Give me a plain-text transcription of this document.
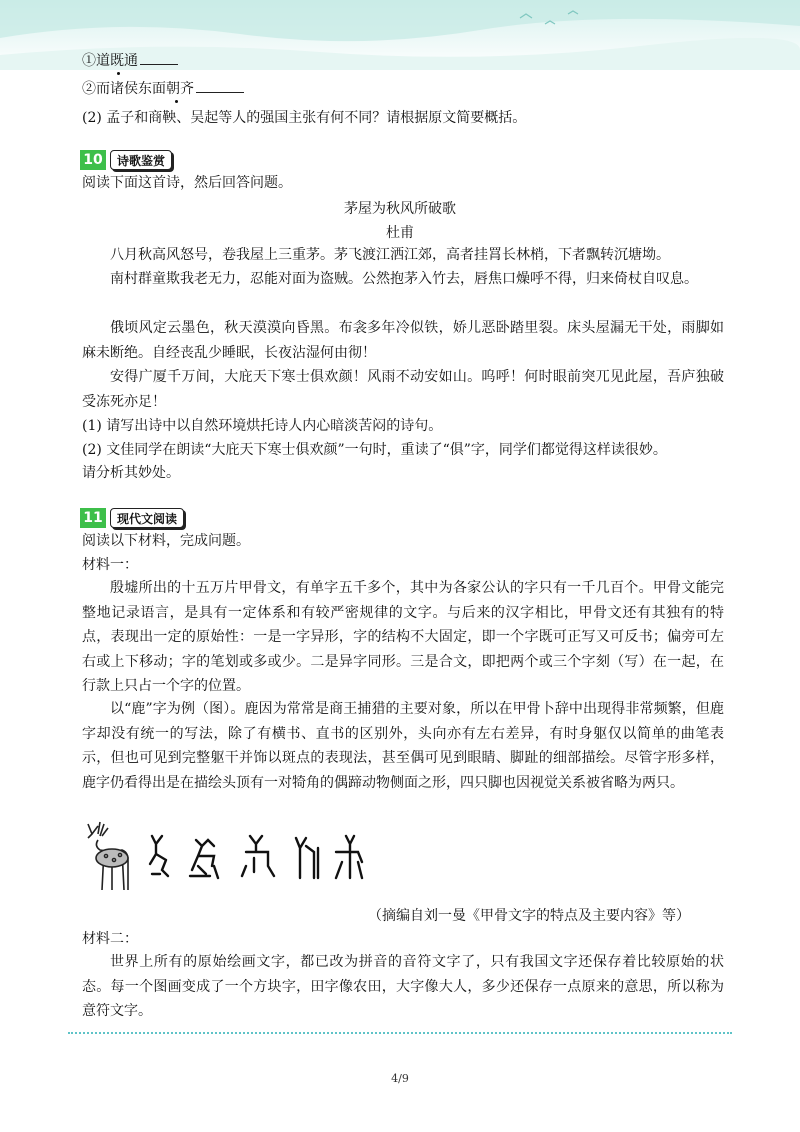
①道既通
②而诸侯东面朝齐
(2) 孟子和商鞅、吴起等人的强国主张有何不同？请根据原文简要概括。
10	诗歌鉴赏
阅读下面这首诗，然后回答问题。
茅屋为秋风所破歌
杜甫
八月秋高风怒号，卷我屋上三重茅。茅飞渡江洒江郊，高者挂罥长林梢，下者飘转沉塘坳。
南村群童欺我老无力，忍能对面为盗贼。公然抱茅入竹去，唇焦口燥呼不得，归来倚杖自叹息。
俄顷风定云墨色，秋天漠漠向昏黑。布衾多年冷似铁，娇儿恶卧踏里裂。床头屋漏无干处，雨脚如麻未断绝。自经丧乱少睡眠，长夜沾湿何由彻！
安得广厦千万间，大庇天下寒士俱欢颜！风雨不动安如山。呜呼！何时眼前突兀见此屋，吾庐独破受冻死亦足！
(1) 请写出诗中以自然环境烘托诗人内心暗淡苦闷的诗句。
(2) 文佳同学在朗读“大庇天下寒士俱欢颜”一句时，重读了“俱”字，同学们都觉得这样读很妙。
请分析其妙处。
11	现代文阅读
阅读以下材料，完成问题。
材料一：
殷墟所出的十五万片甲骨文，有单字五千多个，其中为各家公认的字只有一千几百个。甲骨文能完整地记录语言，是具有一定体系和有较严密规律的文字。与后来的汉字相比，甲骨文还有其独有的特点，表现出一定的原始性：一是一字异形，字的结构不大固定，即一个字既可正写又可反书；偏旁可左右或上下移动；字的笔划或多或少。二是异字同形。三是合文，即把两个或三个字刻（写）在一起，在行款上只占一个字的位置。
以“鹿”字为例（图）。鹿因为常常是商王捕猎的主要对象，所以在甲骨卜辞中出现得非常频繁，但鹿字却没有统一的写法，除了有横书、直书的区别外，头向亦有左右差异，有时身躯仅以简单的曲笔表示，但也可见到完整躯干并饰以斑点的表现法，甚至偶可见到眼睛、脚趾的细部描绘。尽管字形多样，鹿字仍看得出是在描绘头顶有一对犄角的偶蹄动物侧面之形，四只脚也因视觉关系被省略为两只。
（摘编自刘一曼《甲骨文字的特点及主要内容》等）
材料二：
世界上所有的原始绘画文字，都已改为拼音的音符文字了，只有我国文字还保存着比较原始的状态。每一个图画变成了一个方块字，田字像农田，大字像大人，多少还保存一点原来的意思，所以称为意符文字。
4/9
